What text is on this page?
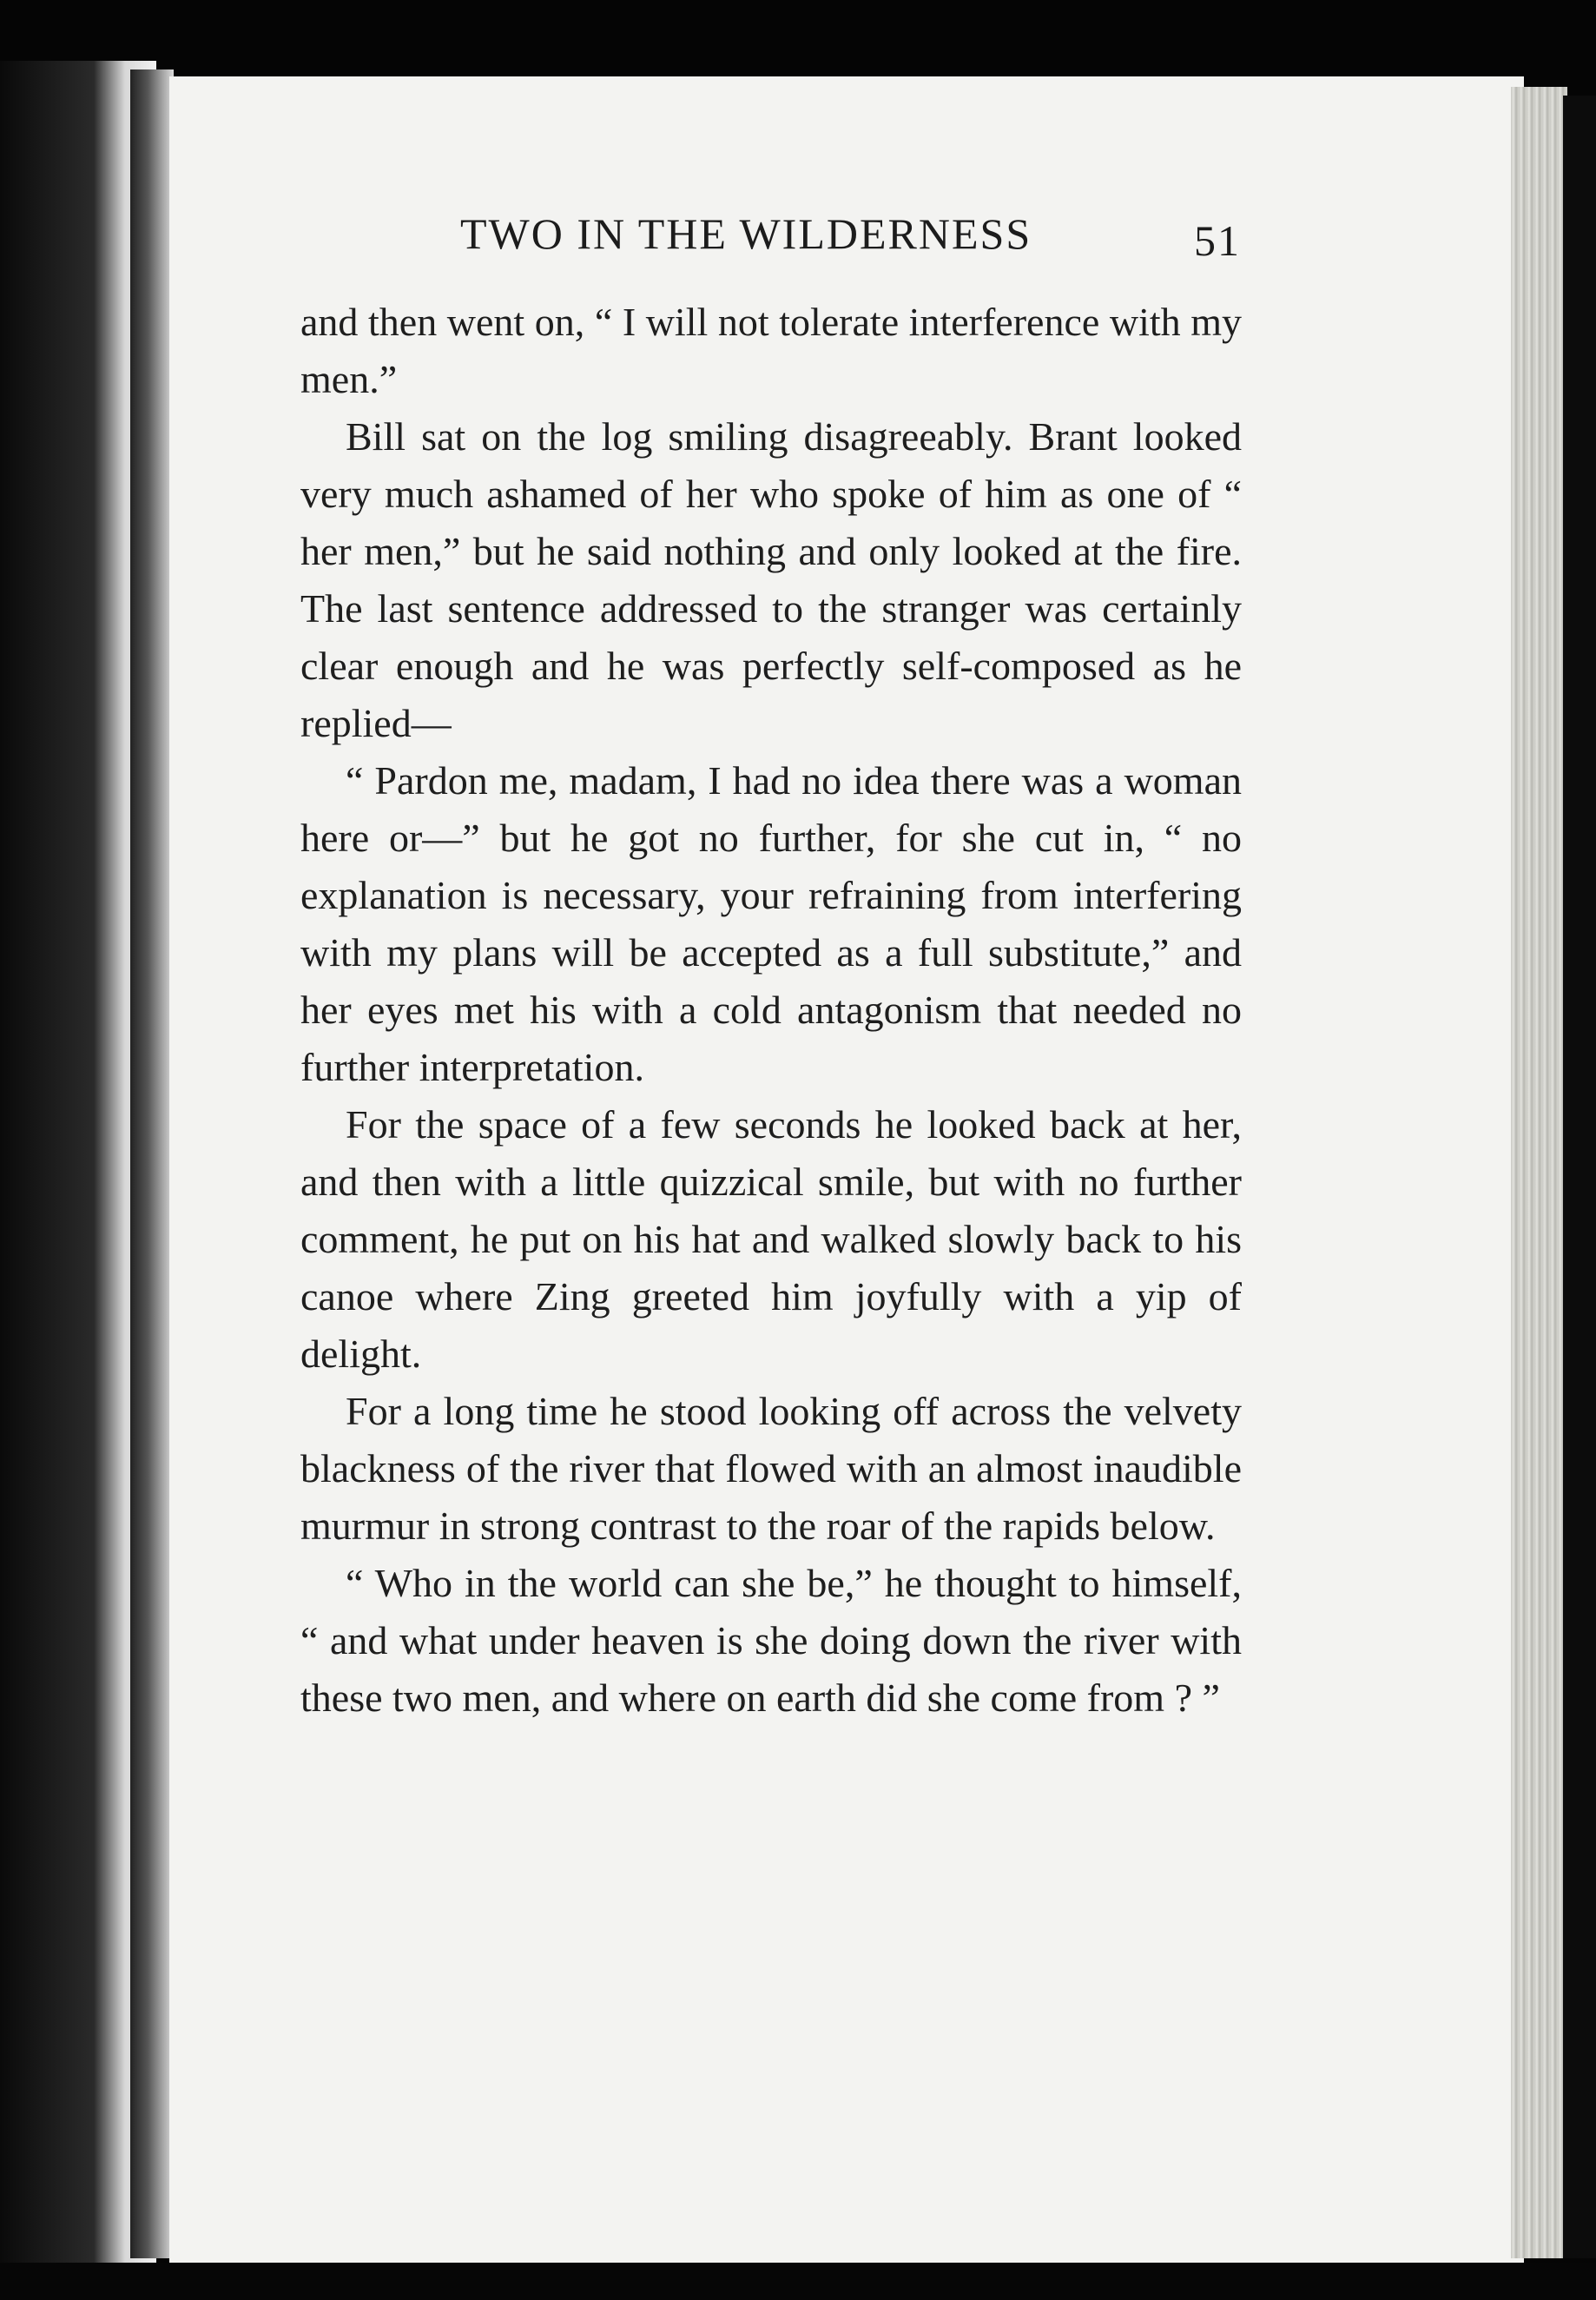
TWO IN THE WILDERNESS	51

and then went on, “ I will not tolerate interference with my men.”

Bill sat on the log smiling disagreeably. Brant looked very much ashamed of her who spoke of him as one of “ her men,” but he said nothing and only looked at the fire. The last sentence addressed to the stranger was certainly clear enough and he was perfectly self-composed as he replied—

“ Pardon me, madam, I had no idea there was a woman here or—” but he got no further, for she cut in, “ no explanation is necessary, your refraining from interfering with my plans will be accepted as a full substitute,” and her eyes met his with a cold antagonism that needed no further interpretation.

For the space of a few seconds he looked back at her, and then with a little quizzical smile, but with no further comment, he put on his hat and walked slowly back to his canoe where Zing greeted him joyfully with a yip of delight.

For a long time he stood looking off across the velvety blackness of the river that flowed with an almost inaudible murmur in strong contrast to the roar of the rapids below.

“ Who in the world can she be,” he thought to himself, “ and what under heaven is she doing down the river with these two men, and where on earth did she come from ? ”
